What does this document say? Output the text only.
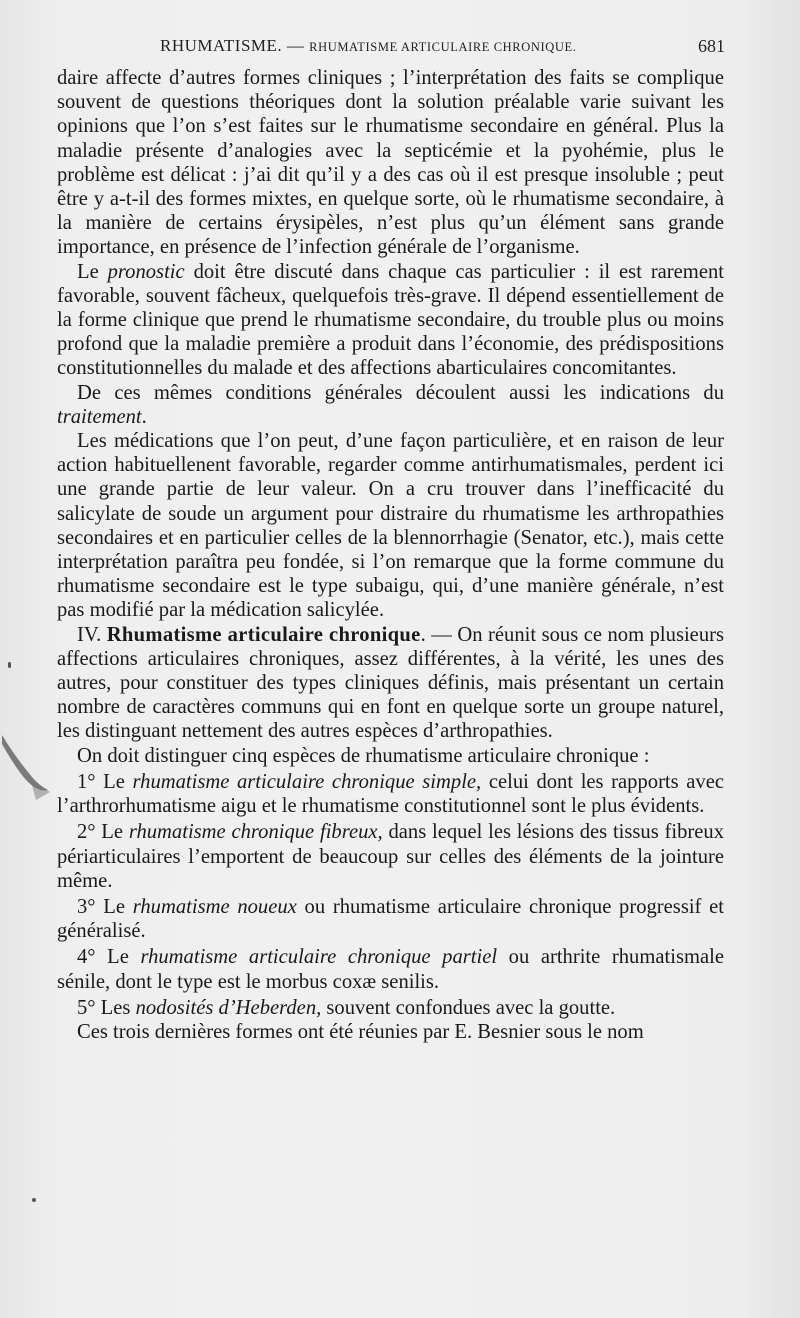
RHUMATISME. — RHUMATISME ARTICULAIRE CHRONIQUE.	681

daire affecte d’autres formes cliniques ; l’interprétation des faits se complique souvent de questions théoriques dont la solution préalable varie suivant les opinions que l’on s’est faites sur le rhumatisme secondaire en général. Plus la maladie présente d’analogies avec la septicémie et la pyohémie, plus le problème est délicat : j’ai dit qu’il y a des cas où il est presque insoluble ; peut être y a-t-il des formes mixtes, en quelque sorte, où le rhumatisme secondaire, à la manière de certains érysipèles, n’est plus qu’un élément sans grande importance, en présence de l’infection générale de l’organisme.

Le pronostic doit être discuté dans chaque cas particulier : il est rarement favorable, souvent fâcheux, quelquefois très-grave. Il dépend essentiellement de la forme clinique que prend le rhumatisme secondaire, du trouble plus ou moins profond que la maladie première a produit dans l’économie, des prédispositions constitutionnelles du malade et des affections abarticulaires concomitantes.

De ces mêmes conditions générales découlent aussi les indications du traitement.

Les médications que l’on peut, d’une façon particulière, et en raison de leur action habituellenent favorable, regarder comme antirhumatismales, perdent ici une grande partie de leur valeur. On a cru trouver dans l’inefficacité du salicylate de soude un argument pour distraire du rhumatisme les arthropathies secondaires et en particulier celles de la blennorrhagie (Senator, etc.), mais cette interprétation paraîtra peu fondée, si l’on remarque que la forme commune du rhumatisme secondaire est le type subaigu, qui, d’une manière générale, n’est pas modifié par la médication salicylée.

IV. Rhumatisme articulaire chronique. — On réunit sous ce nom plusieurs affections articulaires chroniques, assez différentes, à la vérité, les unes des autres, pour constituer des types cliniques définis, mais présentant un certain nombre de caractères communs qui en font en quelque sorte un groupe naturel, les distinguant nettement des autres espèces d’arthropathies.

On doit distinguer cinq espèces de rhumatisme articulaire chronique :

1° Le rhumatisme articulaire chronique simple, celui dont les rapports avec l’arthrorhumatisme aigu et le rhumatisme constitutionnel sont le plus évidents.

2° Le rhumatisme chronique fibreux, dans lequel les lésions des tissus fibreux périarticulaires l’emportent de beaucoup sur celles des éléments de la jointure même.

3° Le rhumatisme noueux ou rhumatisme articulaire chronique progressif et généralisé.

4° Le rhumatisme articulaire chronique partiel ou arthrite rhumatismale sénile, dont le type est le morbus coxæ senilis.

5° Les nodosités d’Heberden, souvent confondues avec la goutte.

Ces trois dernières formes ont été réunies par E. Besnier sous le nom
